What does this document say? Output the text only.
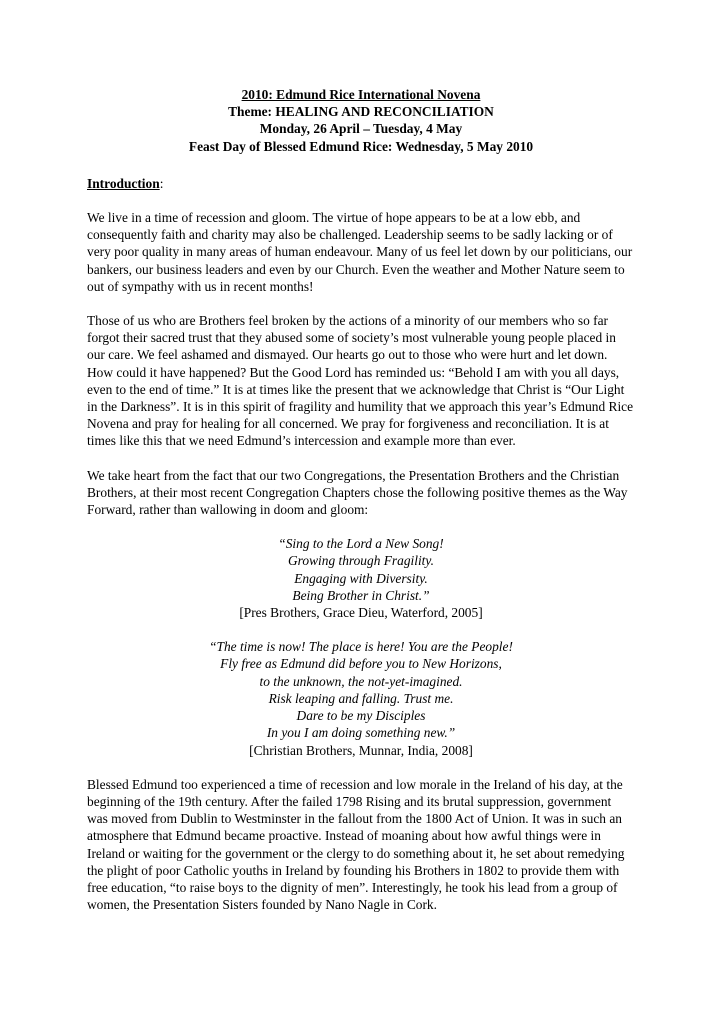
2010: Edmund Rice International Novena
Theme: HEALING AND RECONCILIATION
Monday, 26 April – Tuesday, 4 May
Feast Day of Blessed Edmund Rice: Wednesday, 5 May 2010
Introduction:

We live in a time of recession and gloom. The virtue of hope appears to be at a low ebb, and consequently faith and charity may also be challenged. Leadership seems to be sadly lacking or of very poor quality in many areas of human endeavour. Many of us feel let down by our politicians, our bankers, our business leaders and even by our Church. Even the weather and Mother Nature seem to out of sympathy with us in recent months!

Those of us who are Brothers feel broken by the actions of a minority of our members who so far forgot their sacred trust that they abused some of society’s most vulnerable young people placed in our care. We feel ashamed and dismayed. Our hearts go out to those who were hurt and let down. How could it have happened? But the Good Lord has reminded us: “Behold I am with you all days, even to the end of time.” It is at times like the present that we acknowledge that Christ is “Our Light in the Darkness”. It is in this spirit of fragility and humility that we approach this year’s Edmund Rice Novena and pray for healing for all concerned. We pray for forgiveness and reconciliation. It is at times like this that we need Edmund’s intercession and example more than ever.

We take heart from the fact that our two Congregations, the Presentation Brothers and the Christian Brothers, at their most recent Congregation Chapters chose the following positive themes as the Way Forward, rather than wallowing in doom and gloom:

“Sing to the Lord a New Song!
Growing through Fragility.
Engaging with Diversity.
Being Brother in Christ.”
[Pres Brothers, Grace Dieu, Waterford, 2005]
“The time is now! The place is here! You are the People!
Fly free as Edmund did before you to New Horizons,
to the unknown, the not-yet-imagined.
Risk leaping and falling. Trust me.
Dare to be my Disciples
In you I am doing something new.”
[Christian Brothers, Munnar, India, 2008]

Blessed Edmund too experienced a time of recession and low morale in the Ireland of his day, at the beginning of the 19th century. After the failed 1798 Rising and its brutal suppression, government was moved from Dublin to Westminster in the fallout from the 1800 Act of Union. It was in such an atmosphere that Edmund became proactive. Instead of moaning about how awful things were in Ireland or waiting for the government or the clergy to do something about it, he set about remedying the plight of poor Catholic youths in Ireland by founding his Brothers in 1802 to provide them with free education, “to raise boys to the dignity of men”. Interestingly, he took his lead from a group of women, the Presentation Sisters founded by Nano Nagle in Cork.
